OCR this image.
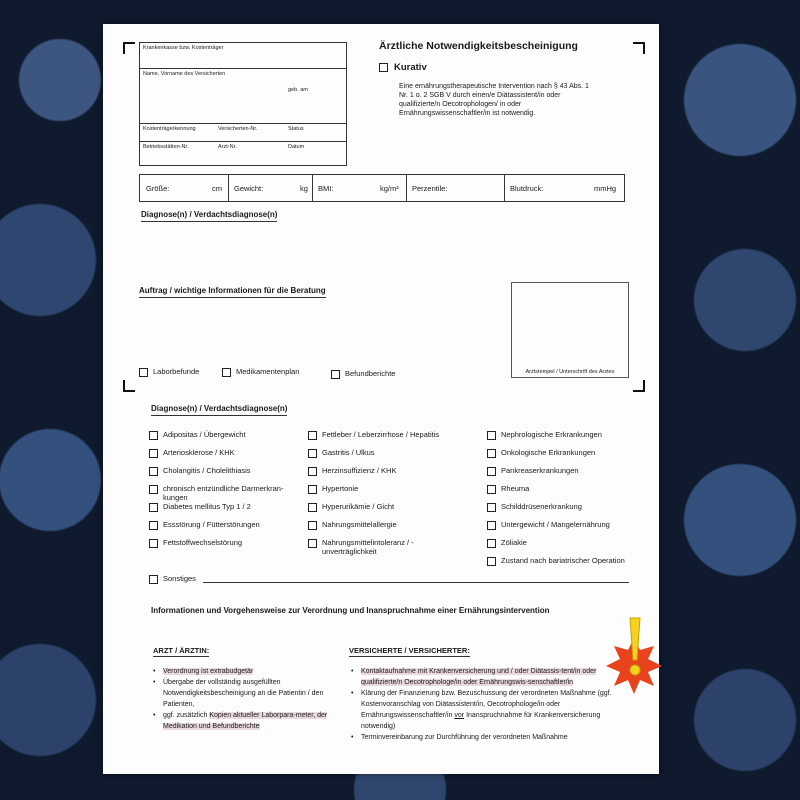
Krankenkasse bzw. Kostenträger
Name, Vorname des Versicherten
geb. am
Kostenträgerkennung	Versicherten-Nr.	Status
Betriebsstätten-Nr.	Arzt-Nr.	Datum
Ärztliche Notwendigkeitsbescheinigung
Kurativ
Eine ernährungstherapeutische Intervention nach § 43 Abs. 1 Nr. 1 o. 2 SGB V durch einen/e Diätassistent/in oder qualifizierte/n Oecotrophologen/ in oder Ernährungswissenschaftler/in ist notwendig.
Größe:	cm Gewicht:	kg BMI:	kg/m² Perzentile:	Blutdruck:	mmHg
Diagnose(n) / Verdachtsdiagnose(n)
Auftrag / wichtige Informationen für die Beratung
Arztstempel / Unterschrift des Arztes
Laborbefunde	Medikamentenplan	Befundberichte
Diagnose(n) / Verdachtsdiagnose(n)
Adipositas / Übergewicht
Arteriosklerose / KHK
Cholangitis / Cholelithiasis
chronisch entzündliche Darmerkran-kungen
Diabetes mellitus Typ 1 / 2
Essstörung / Fütterstörungen
Fettstoffwechselstörung
Fettleber / Leberzirrhose / Hepatitis
Gastritis / Ulkus
Herzinsuffizienz / KHK
Hypertonie
Hyperurikämie / Gicht
Nahrungsmittelallergie
Nahrungsmittelintoleranz / -unverträglichkeit
Nephrologische Erkrankungen
Onkologische Erkrankungen
Pankreaserkrankungen
Rheuma
Schilddrüsenerkrankung
Untergewicht / Mangelernährung
Zöliakie
Zustand nach bariatrischer Operation
Sonstiges
Informationen und Vorgehensweise zur Verordnung und Inanspruchnahme einer Ernährungsintervention
ARZT / ÄRZTIN:
• Verordnung ist extrabudgetär
• Übergabe der vollständig ausgefüllten Notwendigkeitsbescheinigung an die Patientin / den Patienten,
• ggf. zusätzlich Kopien aktueller Laborpara-meter, der Medikation und Befundberichte
VERSICHERTE / VERSICHERTER:
• Kontaktaufnahme mit Krankenversicherung und / oder Diätassis-tent/in oder qualifizierte/n Oecotrophologe/in oder Ernährungswis-senschaftler/in
• Klärung der Finanzierung bzw. Bezuschussung der verordneten Maßnahme (ggf. Kostenvoranschlag von Diätassistent/in, Oecotrophologe/in oder Ernährungswissenschaftler/in vor Inanspruchnahme für Krankenversicherung notwendig)
• Terminvereinbarung zur Durchführung der verordneten Maßnahme
